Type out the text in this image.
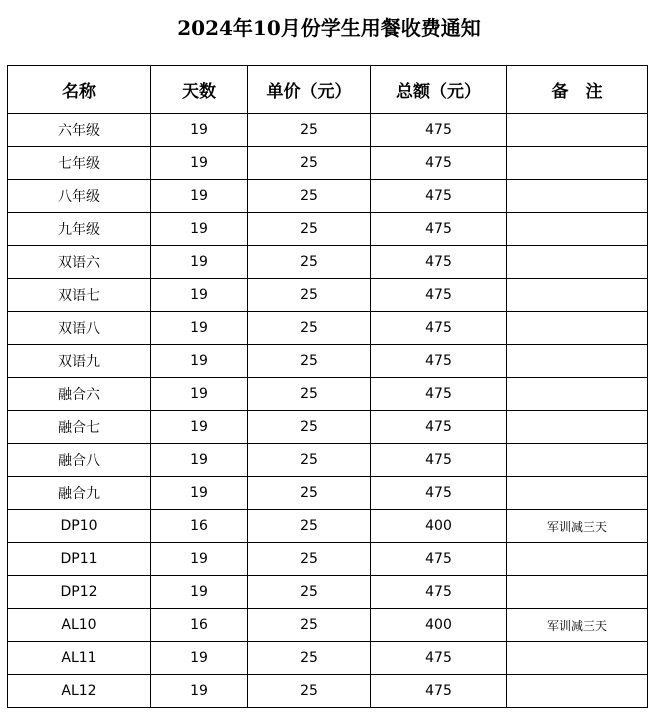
2024年10月份学生用餐收费通知
名称	天数	单价（元）	总额（元）	备　注
六年级	19	25	475	
七年级	19	25	475	
八年级	19	25	475	
九年级	19	25	475	
双语六	19	25	475	
双语七	19	25	475	
双语八	19	25	475	
双语九	19	25	475	
融合六	19	25	475	
融合七	19	25	475	
融合八	19	25	475	
融合九	19	25	475	
DP10	16	25	400	军训减三天
DP11	19	25	475	
DP12	19	25	475	
AL10	16	25	400	军训减三天
AL11	19	25	475	
AL12	19	25	475	
